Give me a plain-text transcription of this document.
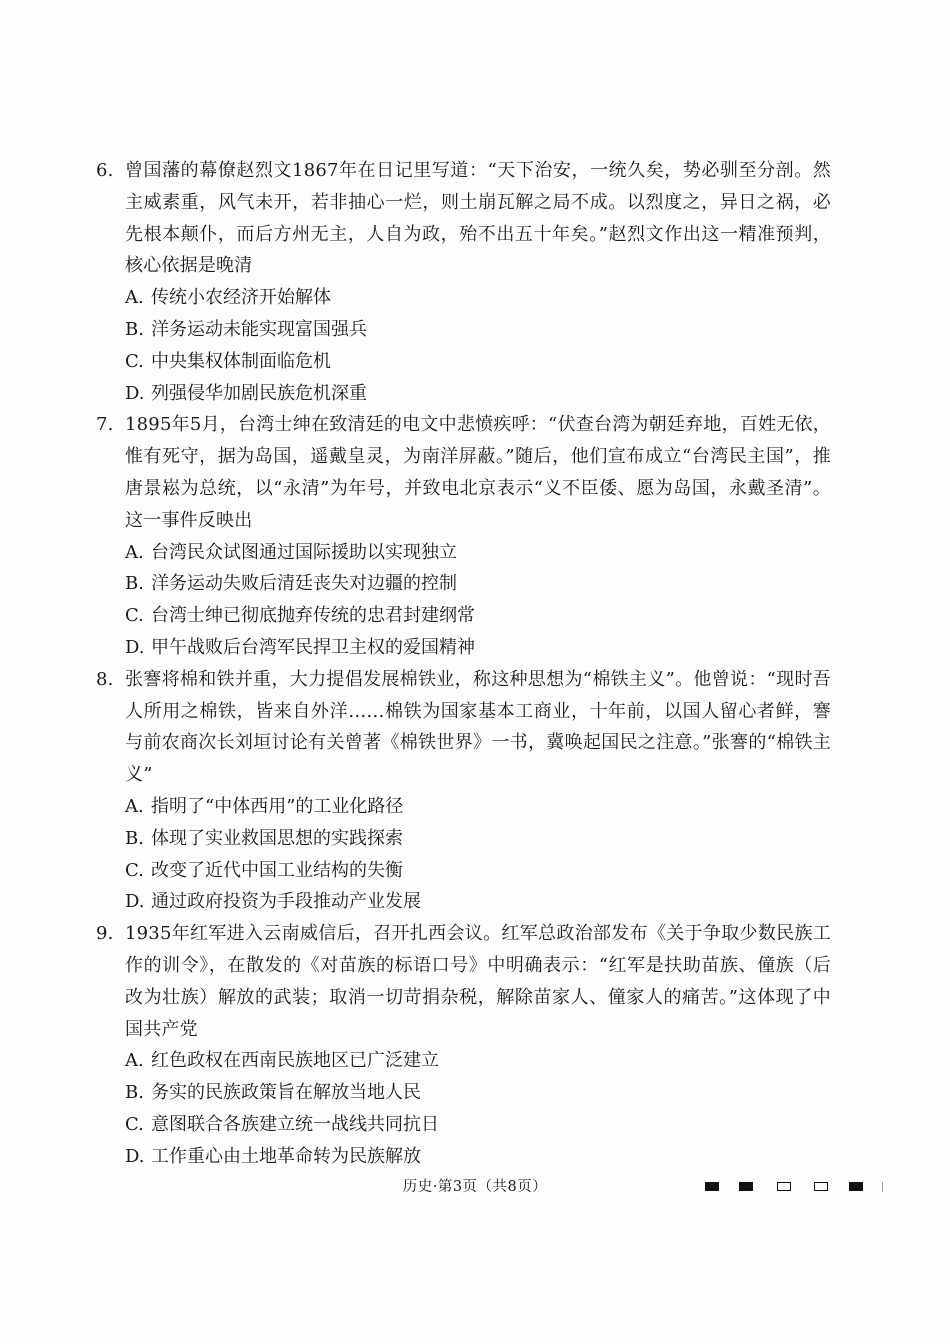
6. 曾国藩的幕僚赵烈文1867年在日记里写道：“天下治安，一统久矣，势必驯至分剖。然主威素重，风气未开，若非抽心一烂，则土崩瓦解之局不成。以烈度之，异日之祸，必先根本颠仆，而后方州无主，人自为政，殆不出五十年矣。”赵烈文作出这一精准预判，核心依据是晚清
A. 传统小农经济开始解体
B. 洋务运动未能实现富国强兵
C. 中央集权体制面临危机
D. 列强侵华加剧民族危机深重
7. 1895年5月，台湾士绅在致清廷的电文中悲愤疾呼：“伏查台湾为朝廷弃地，百姓无依，惟有死守，据为岛国，遥戴皇灵，为南洋屏蔽。”随后，他们宣布成立“台湾民主国”，推唐景崧为总统，以“永清”为年号，并致电北京表示“义不臣倭、愿为岛国，永戴圣清”。这一事件反映出
A. 台湾民众试图通过国际援助以实现独立
B. 洋务运动失败后清廷丧失对边疆的控制
C. 台湾士绅已彻底抛弃传统的忠君封建纲常
D. 甲午战败后台湾军民捍卫主权的爱国精神
8. 张謇将棉和铁并重，大力提倡发展棉铁业，称这种思想为“棉铁主义”。他曾说：“现时吾人所用之棉铁，皆来自外洋……棉铁为国家基本工商业，十年前，以国人留心者鲜，謇与前农商次长刘垣讨论有关曾著《棉铁世界》一书，冀唤起国民之注意。”张謇的“棉铁主义”
A. 指明了“中体西用”的工业化路径
B. 体现了实业救国思想的实践探索
C. 改变了近代中国工业结构的失衡
D. 通过政府投资为手段推动产业发展
9. 1935年红军进入云南威信后，召开扎西会议。红军总政治部发布《关于争取少数民族工作的训令》，在散发的《对苗族的标语口号》中明确表示：“红军是扶助苗族、僮族（后改为壮族）解放的武装；取消一切苛捐杂税，解除苗家人、僮家人的痛苦。”这体现了中国共产党
A. 红色政权在西南民族地区已广泛建立
B. 务实的民族政策旨在解放当地人民
C. 意图联合各族建立统一战线共同抗日
D. 工作重心由土地革命转为民族解放
历史·第3页（共8页）
